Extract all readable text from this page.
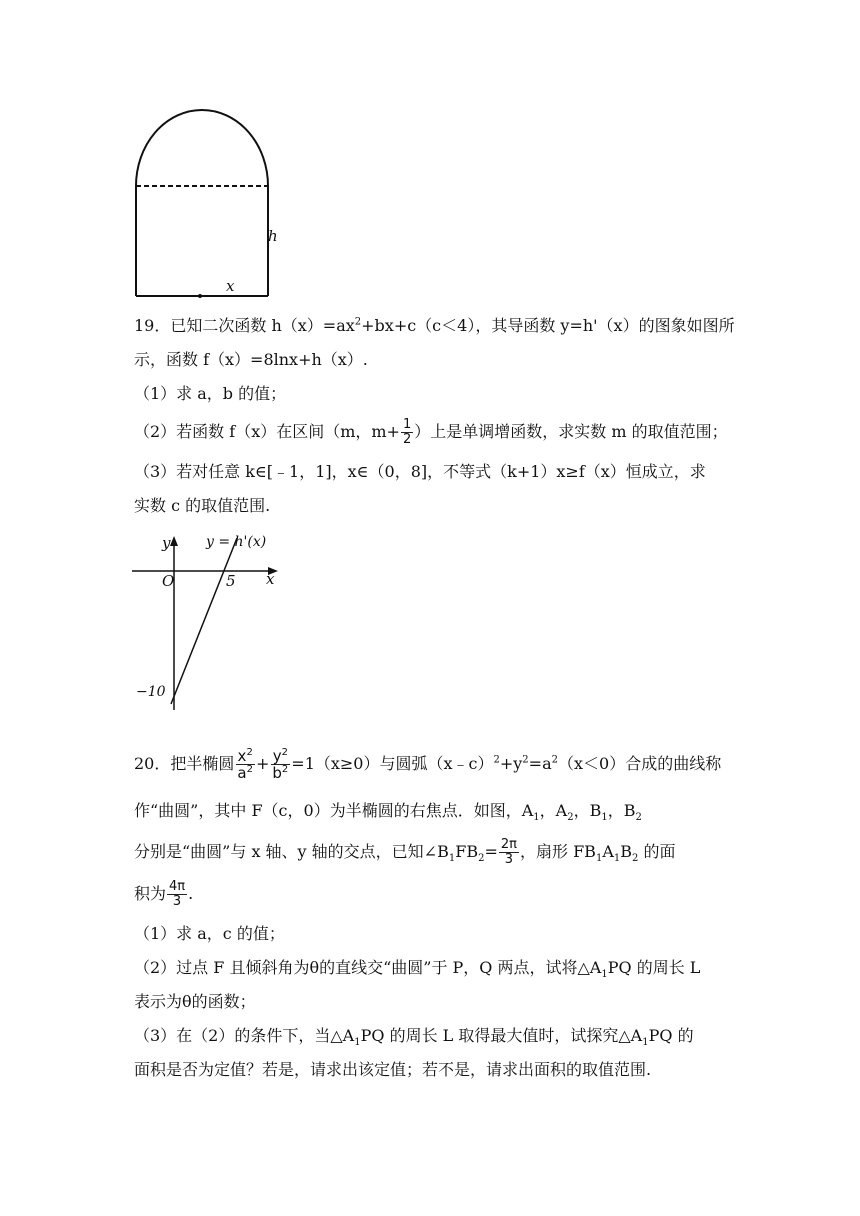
h
x
19．已知二次函数 $h(x)=ax^2+bx+c(c<4)$，其导函数 y=h'（x）的图象如图所
示，函数 f（x）=8lnx+h（x）.
（1）求 a，b 的值；
（2）若函数 f（x）在区间（m，$m+ \frac{1}{2}$ ）上是单调增函数，求实数 m 的取值范围；
（3）若对任意 k∈[﹣1，1]，x∈（0，8]，不等式（k+1）x≥f（x）恒成立，求
实数 c 的取值范围.
y	y = h'(x)
O	5 x
−10
20．把半椭圆 $\frac{x^2}{a^2} + \frac{y^2}{b^2} =1(x\ge 0)$与圆弧$(x﹣c)^2+y^2=a^2(x<0)$合成的曲线称
作“曲圆”，其中 F（c，0）为半椭圆的右焦点．如图，$A_1$，$A_2$，$B_1$，$B_2$
分别是“曲圆”与 x 轴、y 轴的交点，已知$\angle B_1FB_2= \frac{2\pi}{3}$ ，扇形 $FB_1A_1B_2$ 的面
积为 $\frac{4\pi}{3}$ .
（1）求 a，c 的值；
（2）过点 F 且倾斜角为θ的直线交“曲圆”于 P，Q 两点，试将$\triangle A_1PQ$ 的周长 L
表示为θ的函数；
（3）在（2）的条件下，当$\triangle A_1PQ$ 的周长 L 取得最大值时，试探究$\triangle A_1PQ$ 的
面积是否为定值？若是，请求出该定值；若不是，请求出面积的取值范围.
